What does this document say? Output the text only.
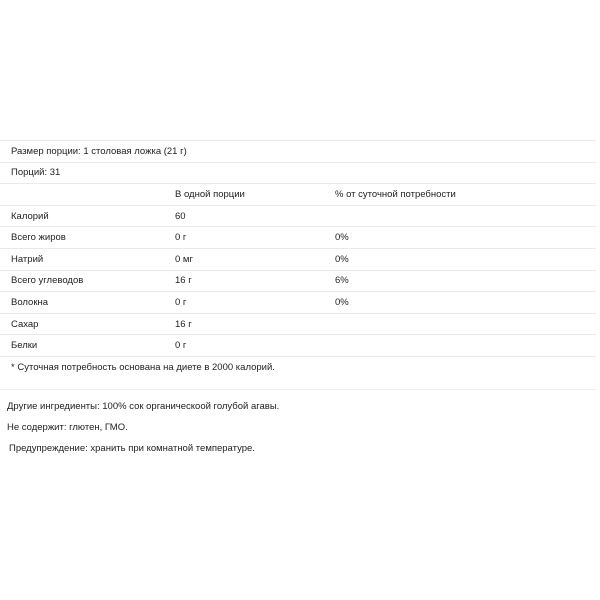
Размер порции: 1 столовая ложка (21 г)		
Порций: 31		
	В одной порции	% от суточной потребности
Калорий	60	
Всего жиров	0 г	0%
Натрий	0 мг	0%
Всего углеводов	16 г	6%
Волокна	0 г	0%
Сахар	16 г	
Белки	0 г	
* Суточная потребность основана на диете в 2000 калорий.
Другие ингредиенты: 100% сок органическоой голубой агавы.
Не содержит: глютен, ГМО.
Предупреждение: хранить при комнатной температуре.
